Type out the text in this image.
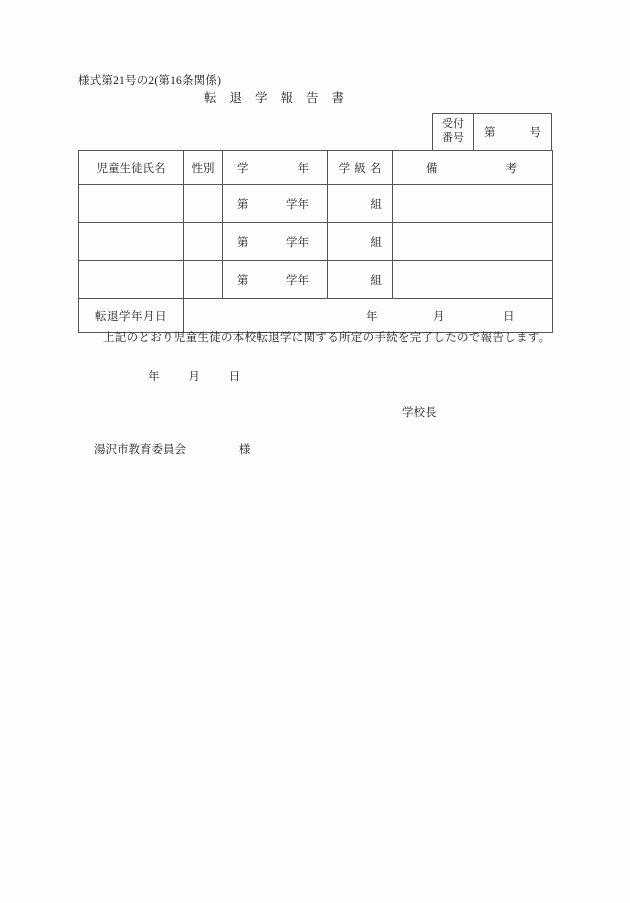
様式第21号の2(第16条関係)
転退学報告書
受付
番号 第	号
児童生徒氏名	性別	学 年	学級名	備 考

		第 学年	組	

		第 学年	組	

		第 学年	組	

転退学年月日	年 月 日			
上記のとおり児童生徒の本校転退学に関する所定の手続を完了したので報告します。
年	月	日
学校長
湯沢市教育委員会	様
